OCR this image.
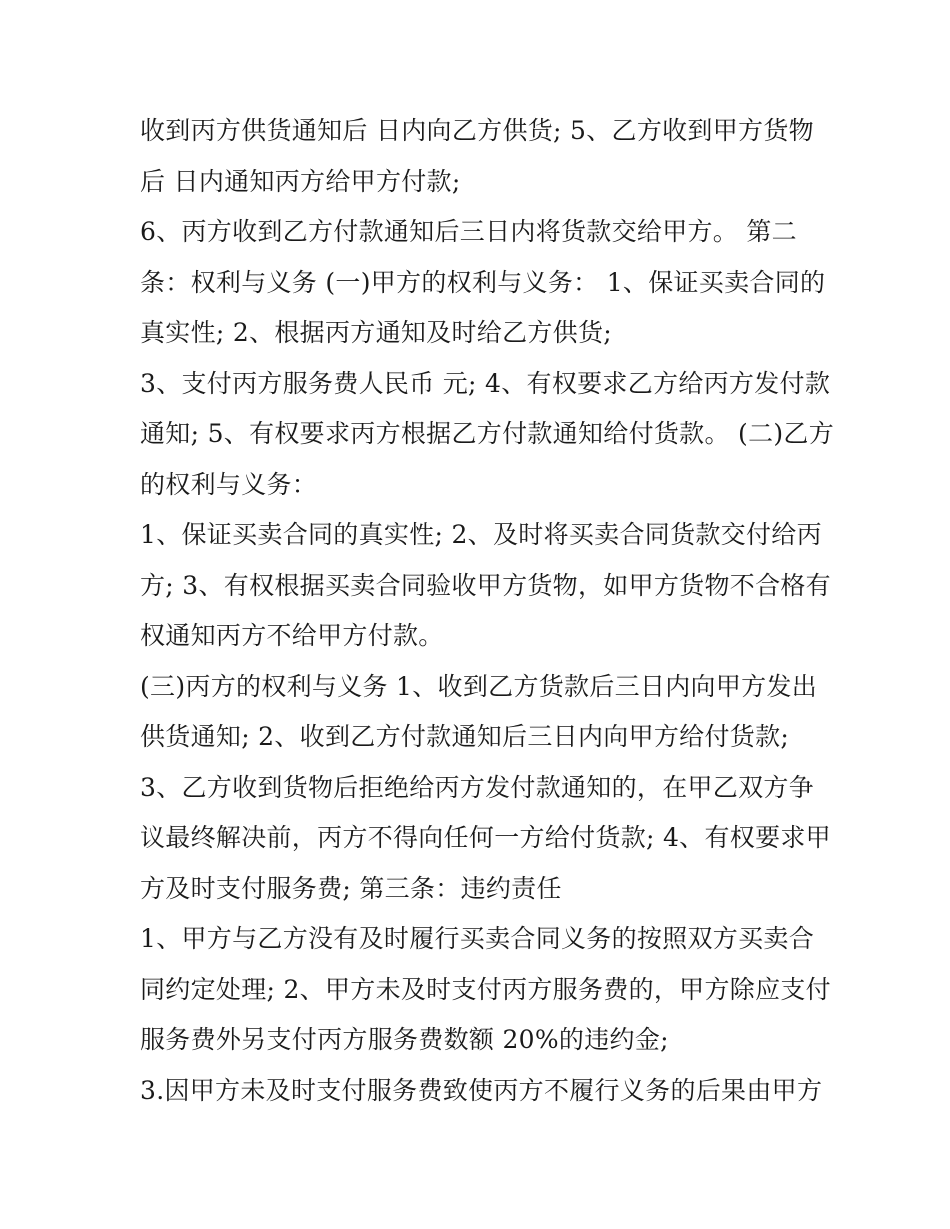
收到丙方供货通知后 日内向乙方供货; 5、乙方收到甲方货物
后 日内通知丙方给甲方付款;
6、丙方收到乙方付款通知后三日内将货款交给甲方。 第二
条：权利与义务 (一)甲方的权利与义务： 1、保证买卖合同的
真实性; 2、根据丙方通知及时给乙方供货;
3、支付丙方服务费人民币 元; 4、有权要求乙方给丙方发付款
通知; 5、有权要求丙方根据乙方付款通知给付货款。 (二)乙方
的权利与义务：
1、保证买卖合同的真实性; 2、及时将买卖合同货款交付给丙
方; 3、有权根据买卖合同验收甲方货物，如甲方货物不合格有
权通知丙方不给甲方付款。
(三)丙方的权利与义务 1、收到乙方货款后三日内向甲方发出
供货通知; 2、收到乙方付款通知后三日内向甲方给付货款;
3、乙方收到货物后拒绝给丙方发付款通知的，在甲乙双方争
议最终解决前，丙方不得向任何一方给付货款; 4、有权要求甲
方及时支付服务费; 第三条：违约责任
1、甲方与乙方没有及时履行买卖合同义务的按照双方买卖合
同约定处理; 2、甲方未及时支付丙方服务费的，甲方除应支付
服务费外另支付丙方服务费数额 20%的违约金;
3.因甲方未及时支付服务费致使丙方不履行义务的后果由甲方
